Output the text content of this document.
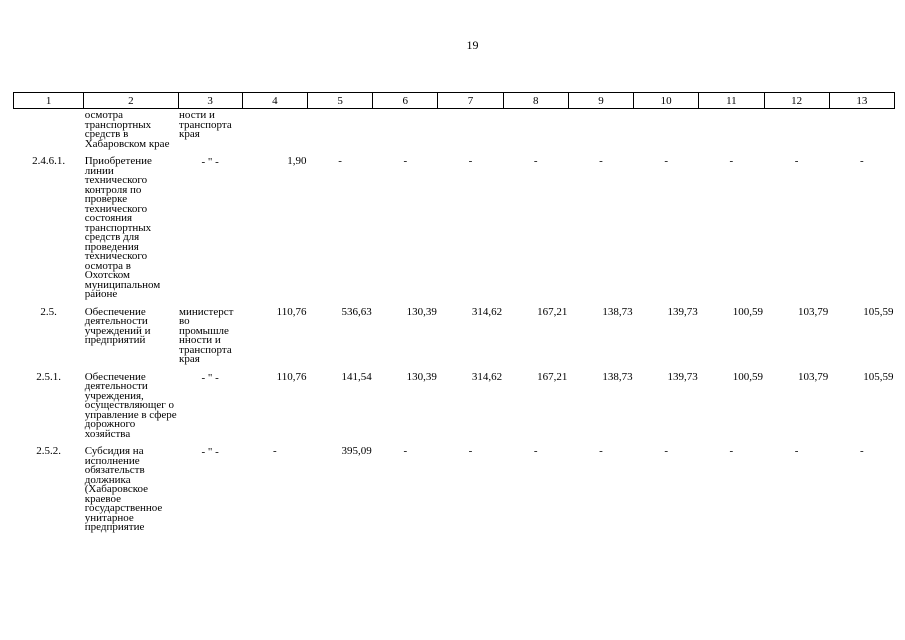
19
1	2	3	4	5	6	7	8	9	10	11	12	13
	осмотра транспортных средств в Хабаровском крае	ности и транспорта края										
2.4.6.1.	Приобретение линии технического контроля по проверке технического состояния транспортных средств для проведения технического осмотра в Охотском муниципальном районе	- " -	1,90	-	-	-	-	-	-	-	-	-
2.5.	Обеспечение деятельности учреждений и предприятий	министерст во промышле нности и транспорта края	110,76	536,63	130,39	314,62	167,21	138,73	139,73	100,59	103,79	105,59
2.5.1.	Обеспечение деятельности учреждения, осуществляющег о управление в сфере дорожного хозяйства	- " -	110,76	141,54	130,39	314,62	167,21	138,73	139,73	100,59	103,79	105,59
2.5.2.	Субсидия на исполнение обязательств должника (Хабаровское краевое государственное унитарное предприятие	- " -	-	395,09	-	-	-	-	-	-	-	-
